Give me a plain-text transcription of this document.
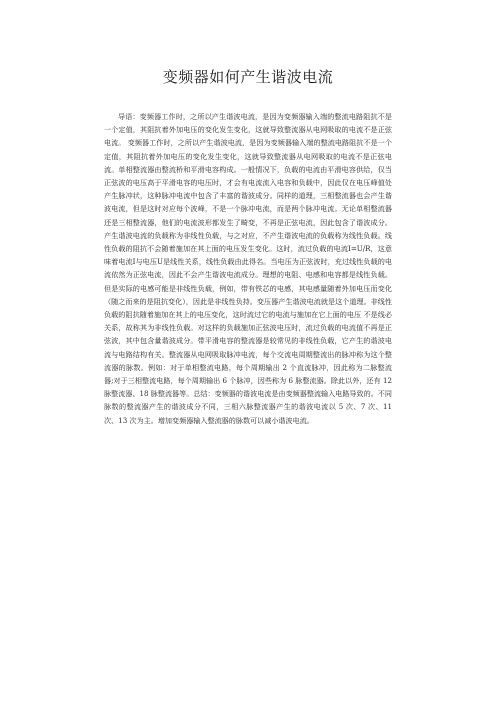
变频器如何产生谐波电流

导语：变频器工作时，之所以产生谐波电流，是因为变频器输入端的整流电路阻抗不是一个定值，其阻抗着外加电压的变化发生变化，这就导致整流器从电网吸取的电流不是正弦电流。 变频器工作时，之所以产生谐波电流，是因为变频器输入端的整流电路阻抗不是一个定值，其阻抗着外加电压的变化发生变化，这就导致整流器从电网吸取的电流不是正弦电流。单相整流器由整流桥和平滑电容构成。一般情况下，负载的电流由平滑电容供给，仅当正弦波的电压高于平滑电容的电压时，才会有电流流入电容和负载中，因此仅在电压峰值处产生脉冲状，这种脉冲电流中包含了丰富的谐波成分。同样的道理，三相整流器也会产生谐波电流，但是这时对应每个波峰，不是一个脉冲电流，而是两个脉冲电流。无论单相整流器还是三相整流器，他们的电流波形都发生了畸变，不再是正弦电流，因此包含了谐波成分。产生谐波电流的负载称为非线性负载，与之对应，不产生谐波电流的负载称为线性负载。线性负载的阻抗不会随着施加在其上面的电压发生变化。这时，流过负载的电流I=U/R，这意味着电流I与电压U是线性关系，线性负载由此得名。当电压为正弦波时，充过线性负载的电流依然为正弦电流，因此不会产生谐波电流成分。理想的电阻、电感和电容都是线性负载。但是实际的电感可能是非线性负载，例如，带有铁芯的电感，其电感量随着外加电压而变化（随之而来的是阻抗变化），因此是非线性负持。变压器产生谐波电流就是这个道理。非线性负载的阻抗随着施加在其上的电压变化，这时流过它的电流与施加在它上面的电压 不是线必关系，故称其为非线性负载。对这样的负载施加正弦波电压时，流过负载的电流值不再是正弦波，其中包含量谐波成分。带平滑电容的整流器是较常见的非线性负载，它产生的谐波电流与电路结构有关。整流器从电网吸取脉冲电流，每个交流电周期整流出的脉冲称为这个整流器的脉数。例如：对于单相整流电路，每个周期输出 2 个直流脉冲，因此称为二脉整流器;对于三相整流电路，每个周期输出 6 个脉冲，因些称为 6 脉整流器。除此以外，还有 12 脉整流器、18 脉整流器等。总结：变频器的谐波电流是由变频器整流输入电路导致的。不同脉数的整流器产生的谐波成分不同，三相六脉整流器产生的谐波电流以 5 次、7 次、11 次、13 次为主。增加变频器输入整流器的脉数可以减小谐波电流。
